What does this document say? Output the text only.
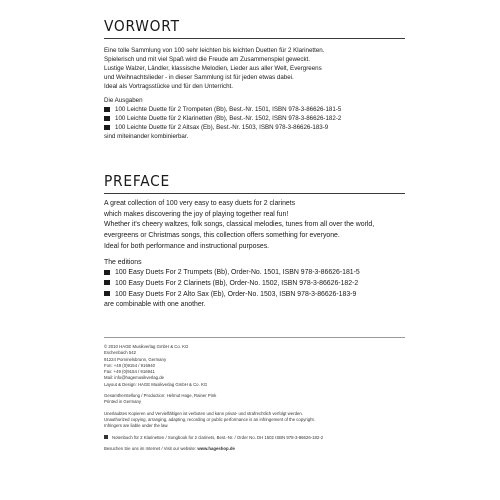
VORWORT
Eine tolle Sammlung von 100 sehr leichten bis leichten Duetten für 2 Klarinetten.
Spielerisch und mit viel Spaß wird die Freude am Zusammenspiel geweckt.
Lustige Walzer, Ländler, klassische Melodien, Lieder aus aller Welt, Evergreens
und Weihnachtslieder - in dieser Sammlung ist für jeden etwas dabei.
Ideal als Vortragsstücke und für den Unterricht.
Die Ausgaben
100 Leichte Duette für 2 Trompeten (Bb), Best.-Nr. 1501, ISBN 978-3-86626-181-5
100 Leichte Duette für 2 Klarinetten (Bb), Best.-Nr. 1502, ISBN 978-3-86626-182-2
100 Leichte Duette für 2 Altsax (Eb), Best.-Nr. 1503, ISBN 978-3-86626-183-9
sind miteinander kombinierbar.
PREFACE
A great collection of 100 very easy to easy duets for 2 clarinets
which makes discovering the joy of playing together real fun!
Whether it's cheery waltzes, folk songs, classical melodies, tunes from all over the world,
evergreens or Christmas songs, this collection offers something for everyone.
Ideal for both performance and instructional purposes.
The editions
100 Easy Duets For 2 Trumpets (Bb), Order-No. 1501, ISBN 978-3-86626-181-5
100 Easy Duets For 2 Clarinets (Bb), Order-No. 1502, ISBN 978-3-86626-182-2
100 Easy Duets For 2 Alto Sax (Eb), Order-No. 1503, ISBN 978-3-86626-183-9
are combinable with one another.
© 2010 HAGE Musikverlag GmbH & Co. KG
Eschenbach 542
91224 Pommelsbrunn, Germany
Fon: +49 (0)9154 / 916940
Fax: +49 (0)9154 / 916941
Mail: info@hagemusikverlag.de
Layout & Design: HAGE Musikverlag GmbH & Co. KG
Gesamtherstellung / Production: Helmut Hage, Rainer Pink
Printed in Germany
Unerlaubtes Kopieren und Vervielfältigen ist verboten und kann privat- und strafrechtlich verfolgt werden.
Unauthorized copying, arranging, adapting, recording or public performance is an infringement of the copyright.
Infringers are liable under the law.
Notenbuch für 2 Klarinetten / Songbook for 2 clarinets, Best.-Nr. / Order No. DH 1502 ISBN 978-3-86626-182-2
Besuchen Sie uns im Internet / Visit our website: www.hageshop.de
